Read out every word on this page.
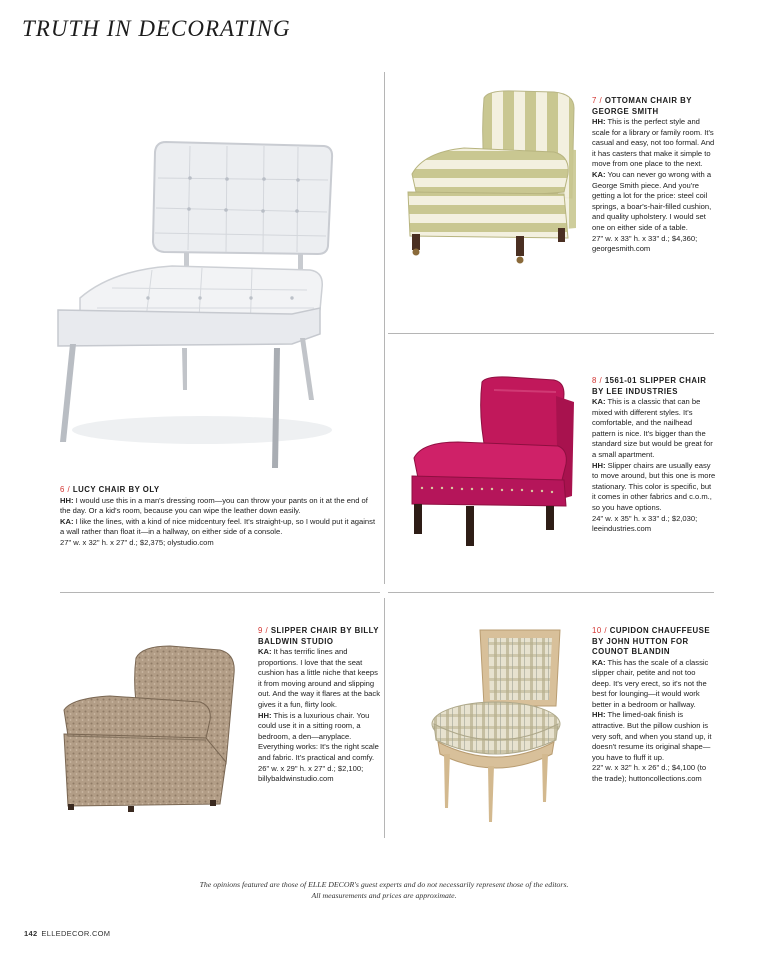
TRUTH IN DECORATING
6 / LUCY CHAIR BY OLY

HH: I would use this in a man's dressing room—you can throw your pants on it at the end of the day. Or a kid's room, because you can wipe the leather down easily.

KA: I like the lines, with a kind of nice midcentury feel. It's straight-up, so I would put it against a wall rather than float it—in a hallway, on either side of a console.

27" w. x 32" h. x 27" d.; $2,375; olystudio.com

7 / OTTOMAN CHAIR BY GEORGE SMITH

HH: This is the perfect style and scale for a library or family room. It's casual and easy, not too formal. And it has casters that make it simple to move from one place to the next.

KA: You can never go wrong with a George Smith piece. And you're getting a lot for the price: steel coil springs, a boar's-hair-filled cushion, and quality upholstery. I would set one on either side of a table.

27" w. x 33" h. x 33" d.; $4,360; georgesmith.com

8 / 1561-01 SLIPPER CHAIR BY LEE INDUSTRIES

KA: This is a classic that can be mixed with different styles. It's comfortable, and the nailhead pattern is nice. It's bigger than the standard size but would be great for a small apartment.

HH: Slipper chairs are usually easy to move around, but this one is more stationary. This color is specific, but it comes in other fabrics and c.o.m., so you have options.

24" w. x 35" h. x 33" d.; $2,030; leeindustries.com

9 / SLIPPER CHAIR BY BILLY BALDWIN STUDIO

KA: It has terrific lines and proportions. I love that the seat cushion has a little niche that keeps it from moving around and slipping out. And the way it flares at the back gives it a fun, flirty look.

HH: This is a luxurious chair. You could use it in a sitting room, a bedroom, a den—anyplace. Everything works: It's the right scale and fabric. It's practical and comfy.

26" w. x 29" h. x 27" d.; $2,100; billybaldwinstudio.com

10 / CUPIDON CHAUFFEUSE BY JOHN HUTTON FOR COUNOT BLANDIN

KA: This has the scale of a classic slipper chair, petite and not too deep. It's very erect, so it's not the best for lounging—it would work better in a bedroom or hallway.

HH: The limed-oak finish is attractive. But the pillow cushion is very soft, and when you stand up, it doesn't resume its original shape—you have to fluff it up.

22" w. x 32" h. x 26" d.; $4,100 (to the trade); huttoncollections.com

The opinions featured are those of ELLE DECOR's guest experts and do not necessarily represent those of the editors.
All measurements and prices are approximate.
142 ELLEDECOR.COM
